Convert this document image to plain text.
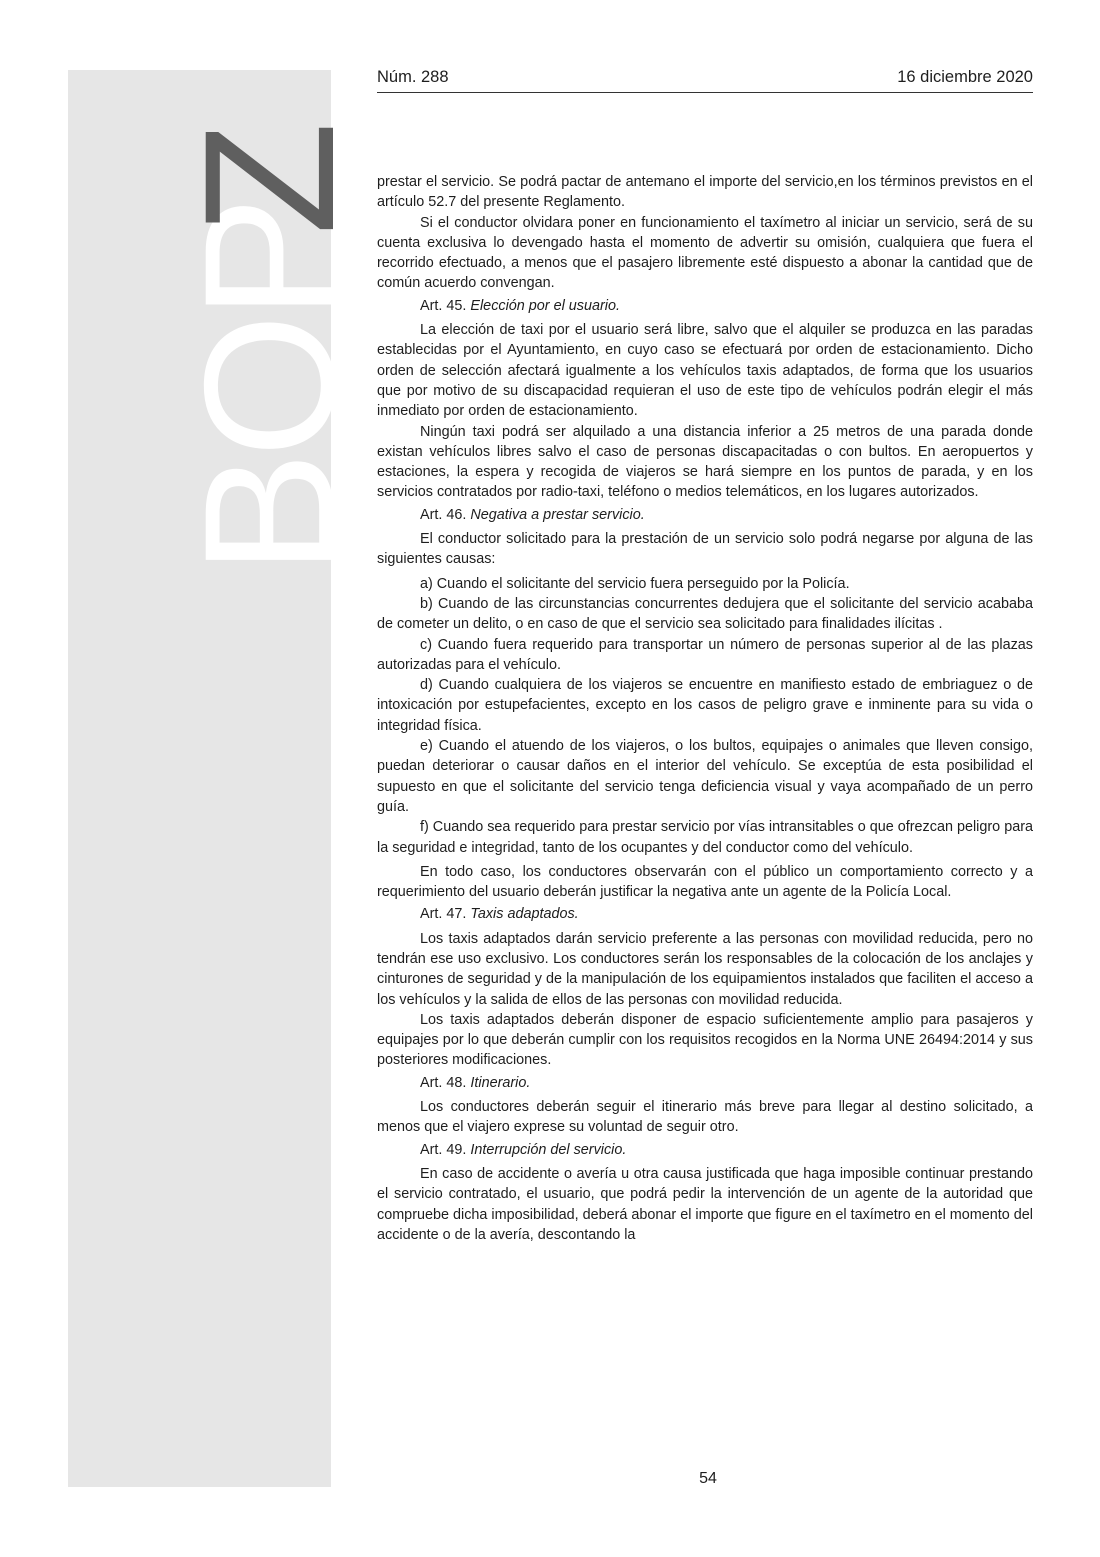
BOP
Z
Núm. 288	16 diciembre 2020

prestar el servicio. Se podrá pactar de antemano el importe del servicio,en los términos previstos en el artículo 52.7 del presente Reglamento.

Si el conductor olvidara poner en funcionamiento el taxímetro al iniciar un servicio, será de su cuenta exclusiva lo devengado hasta el momento de advertir su omisión, cualquiera que fuera el recorrido efectuado, a menos que el pasajero libremente esté dispuesto a abonar la cantidad que de común acuerdo convengan.

Art. 45. Elección por el usuario.

La elección de taxi por el usuario será libre, salvo que el alquiler se produzca en las paradas establecidas por el Ayuntamiento, en cuyo caso se efectuará por orden de estacionamiento. Dicho orden de selección afectará igualmente a los vehículos taxis adaptados, de forma que los usuarios que por motivo de su discapacidad requieran el uso de este tipo de vehículos podrán elegir el más inmediato por orden de estacionamiento.

Ningún taxi podrá ser alquilado a una distancia inferior a 25 metros de una parada donde existan vehículos libres salvo el caso de personas discapacitadas o con bultos. En aeropuertos y estaciones, la espera y recogida de viajeros se hará siempre en los puntos de parada, y en los servicios contratados por radio-taxi, teléfono o medios telemáticos, en los lugares autorizados.

Art. 46. Negativa a prestar servicio.

El conductor solicitado para la prestación de un servicio solo podrá negarse por alguna de las siguientes causas:

a) Cuando el solicitante del servicio fuera perseguido por la Policía.

b) Cuando de las circunstancias concurrentes dedujera que el solicitante del servicio acababa de cometer un delito, o en caso de que el servicio sea solicitado para finalidades ilícitas .

c) Cuando fuera requerido para transportar un número de personas superior al de las plazas autorizadas para el vehículo.

d) Cuando cualquiera de los viajeros se encuentre en manifiesto estado de embriaguez o de intoxicación por estupefacientes, excepto en los casos de peligro grave e inminente para su vida o integridad física.

e) Cuando el atuendo de los viajeros, o los bultos, equipajes o animales que lleven consigo, puedan deteriorar o causar daños en el interior del vehículo. Se exceptúa de esta posibilidad el supuesto en que el solicitante del servicio tenga deficiencia visual y vaya acompañado de un perro guía.

f) Cuando sea requerido para prestar servicio por vías intransitables o que ofrezcan peligro para la seguridad e integridad, tanto de los ocupantes y del conductor como del vehículo.

En todo caso, los conductores observarán con el público un comportamiento correcto y a requerimiento del usuario deberán justificar la negativa ante un agente de la Policía Local.

Art. 47. Taxis adaptados.

Los taxis adaptados darán servicio preferente a las personas con movilidad reducida, pero no tendrán ese uso exclusivo. Los conductores serán los responsables de la colocación de los anclajes y cinturones de seguridad y de la manipulación de los equipamientos instalados que faciliten el acceso a los vehículos y la salida de ellos de las personas con movilidad reducida.

Los taxis adaptados deberán disponer de espacio suficientemente amplio para pasajeros y equipajes por lo que deberán cumplir con los requisitos recogidos en la Norma UNE 26494:2014 y sus posteriores modificaciones.

Art. 48. Itinerario.

Los conductores deberán seguir el itinerario más breve para llegar al destino solicitado, a menos que el viajero exprese su voluntad de seguir otro.

Art. 49. Interrupción del servicio.

En caso de accidente o avería u otra causa justificada que haga imposible continuar prestando el servicio contratado, el usuario, que podrá pedir la intervención de un agente de la autoridad que compruebe dicha imposibilidad, deberá abonar el importe que figure en el taxímetro en el momento del accidente o de la avería, descontando la

54
